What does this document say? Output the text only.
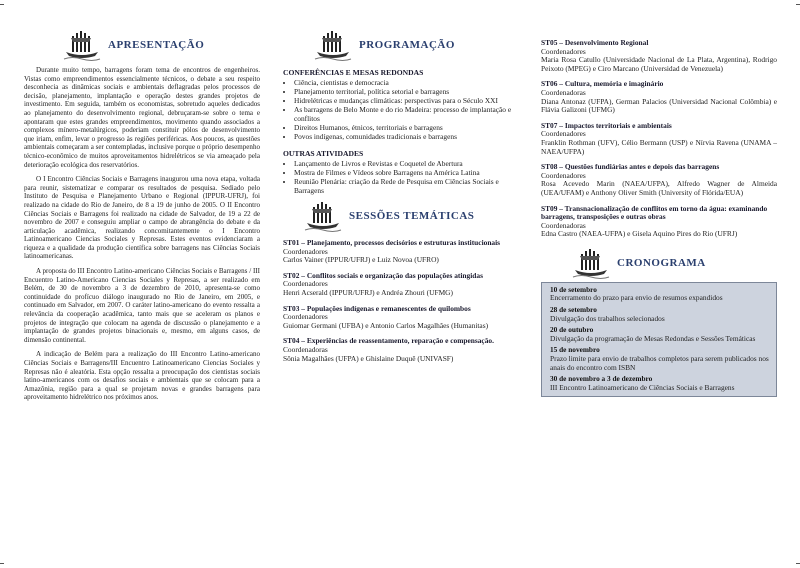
APRESENTAÇÃO

Durante muito tempo, barragens foram tema de encontros de engenheiros. Vistas como empreendimentos essencialmente técnicos, o debate a seu respeito desconhecia as dinâmicas sociais e ambientais deflagradas pelos processos de decisão, planejamento, implantação e operação destes grandes projetos de investimento. Em seguida, também os economistas, sobretudo aqueles dedicados ao planejamento do desenvolvimento regional, debruçaram-se sobre o tema e apontaram que estes grandes empreendimentos, movimento quando associados a complexos mínero-metalúrgicos, poderiam constituir pólos de desenvolvimento que iriam, enfim, levar o progresso às regiões periféricas. Aos poucos, as questões ambientais começaram a ser contempladas, inclusive porque o próprio desempenho técnico-econômico de muitos aproveitamentos hidrelétricos se via ameaçado pela deterioração ecológica dos reservatórios.

O I Encontro Ciências Sociais e Barragens inaugurou uma nova etapa, voltada para reunir, sistematizar e comparar os resultados de pesquisa. Sediado pelo Instituto de Pesquisa e Planejamento Urbano e Regional (IPPUR-UFRJ), foi realizado na cidade do Rio de Janeiro, de 8 a 19 de junho de 2005. O II Encontro Ciências Sociais e Barragens foi realizado na cidade de Salvador, de 19 a 22 de novembro de 2007 e conseguiu ampliar o campo de abrangência do debate e da articulação acadêmica, realizando concomitantemente o I Encontro Latinoamericano Ciencias Sociales y Represas. Estes eventos evidenciaram a riqueza e a qualidade da produção científica sobre barragens nas Ciências Sociais latinoamericanas.

A proposta do III Encontro Latino-americano Ciências Sociais e Barragens / III Encuentro Latino-Americano Ciencias Sociales y Represas, a ser realizado em Belém, de 30 de novembro a 3 de dezembro de 2010, apresenta-se como continuidade do profícuo diálogo inaugurado no Rio de Janeiro, em 2005, e continuado em Salvador, em 2007. O caráter latino-americano do evento ressalta a relevância da cooperação acadêmica, tanto mais que se aceleram os planos e projetos de integração que colocam na agenda de discussão o planejamento e a implantação de grandes projetos binacionais e, mesmo, em alguns casos, de dimensão continental.

A indicação de Belém para a realização do III Encontro Latino-americano Ciências Sociais e Barragens/III Encuentro Latinoamericano Ciencias Sociales y Represas não é aleatória. Esta opção ressalta a preocupação dos cientistas sociais latino-americanos com os desafios sociais e ambientais que se colocam para a Amazônia, região para a qual se projetam novas e grandes barragens para aproveitamento hidrelétrico nos próximos anos.

PROGRAMAÇÃO
CONFERÊNCIAS E MESAS REDONDAS
• Ciência, cientistas e democracia
• Planejamento territorial, política setorial e barragens
• Hidrelétricas e mudanças climáticas: perspectivas para o Século XXI
• As barragens de Belo Monte e do rio Madeira: processo de implantação e conflitos
• Direitos Humanos, étnicos, territoriais e barragens
• Povos indígenas, comunidades tradicionais e barragens
OUTRAS ATIVIDADES
• Lançamento de Livros e Revistas e Coquetel de Abertura
• Mostra de Filmes e Vídeos sobre Barragens na América Latina
• Reunião Plenária: criação da Rede de Pesquisa em Ciências Sociais e Barragens
SESSÕES TEMÁTICAS
ST01 – Planejamento, processos decisórios e estruturas institucionais
Coordenadores
Carlos Vainer (IPPUR/UFRJ) e Luiz Novoa (UFRO)
ST02 – Conflitos sociais e organização das populações atingidas
Coordenadores
Henri Acserald (IPPUR/UFRJ) e Andréa Zhouri (UFMG)
ST03 – Populações indígenas e remanescentes de quilombos
Coordenadores
Guiomar Germani (UFBA) e Antonio Carlos Magalhães (Humanitas)
ST04 – Experiências de reassentamento, reparação e compensação.
Coordenadoras
Sônia Magalhães (UFPA) e Ghislaine Duquê (UNIVASF)
ST05 – Desenvolvimento Regional
Coordenadores
Maria Rosa Catullo (Universidade Nacional de La Plata, Argentina), Rodrigo Peixoto (MPEG) e Ciro Marcano (Universidad de Venezuela)
ST06 – Cultura, memória e imaginário
Coordenadoras
Diana Antonaz (UFPA), German Palacios (Universidad Nacional Colômbia) e Flávia Galizoni (UFMG)
ST07 – Impactos territoriais e ambientais
Coordenadores
Franklin Rothman (UFV), Célio Bermann (USP) e Nírvia Ravena (UNAMA – NAEA/UFPA)
ST08 – Questões fundiárias antes e depois das barragens
Coordenadores
Rosa Acevedo Marin (NAEA/UFPA), Alfredo Wagner de Almeida (UEA/UFAM) e Anthony Oliver Smith (University of Flórida/EUA)
ST09 – Transnacionalização de conflitos em torno da água: examinando barragens, transposições e outras obras
Coordenadoras
Edna Castro (NAEA-UFPA) e Gisela Aquino Pires do Rio (UFRJ)
CRONOGRAMA
10 de setembro
Encerramento do prazo para envio de resumos expandidos
28 de setembro
Divulgação dos trabalhos selecionados
20 de outubro
Divulgação da programação de Mesas Redondas e Sessões Temáticas
15 de novembro
Prazo limite para envio de trabalhos completos para serem publicados nos anais do encontro com ISBN
30 de novembro a 3 de dezembro
III Encontro Latinoamericano de Ciências Sociais e Barragens
